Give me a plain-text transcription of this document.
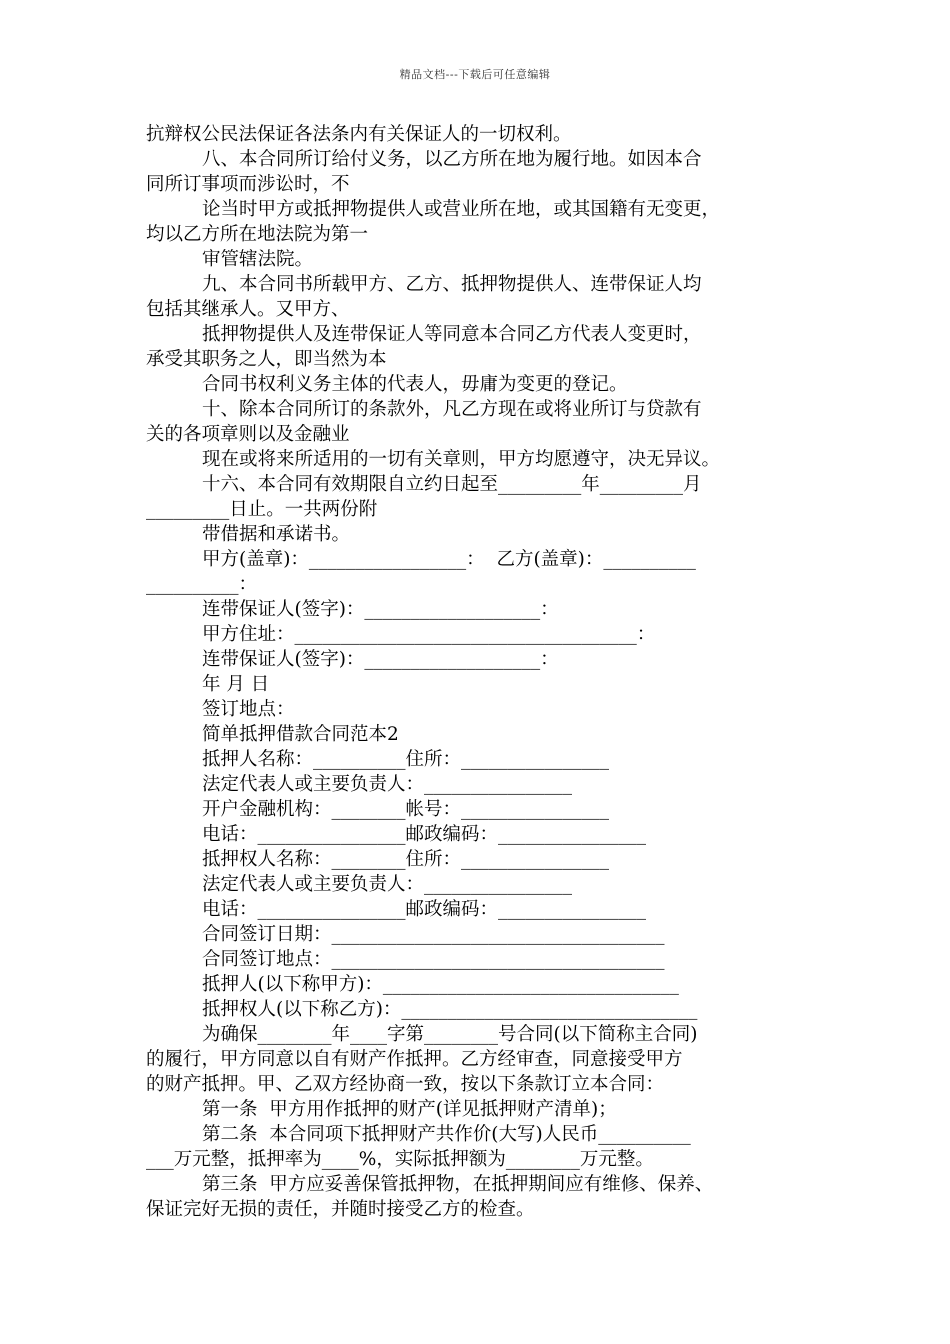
精品文档---下载后可任意编辑
抗辩权公民法保证各法条内有关保证人的一切权利。
八、本合同所订给付义务，以乙方所在地为履行地。如因本合
同所订事项而涉讼时，不
论当时甲方或抵押物提供人或营业所在地，或其国籍有无变更，
均以乙方所在地法院为第一
审管辖法院。
九、本合同书所载甲方、乙方、抵押物提供人、连带保证人均
包括其继承人。又甲方、
抵押物提供人及连带保证人等同意本合同乙方代表人变更时，
承受其职务之人，即当然为本
合同书权利义务主体的代表人，毋庸为变更的登记。
十、除本合同所订的条款外，凡乙方现在或将业所订与贷款有
关的各项章则以及金融业
现在或将来所适用的一切有关章则，甲方均愿遵守，决无异议。
十六、本合同有效期限自立约日起至_________年_________月
_________日止。一共两份附
带借据和承诺书。
甲方(盖章)：_________________：  乙方(盖章)：__________
__________：
连带保证人(签字)：___________________：
甲方住址：_____________________________________：
连带保证人(签字)：___________________：
年 月 日
签订地点：
简单抵押借款合同范本2
抵押人名称：__________住所：________________
法定代表人或主要负责人：________________
开户金融机构：________帐号：________________
电话：________________邮政编码：________________
抵押权人名称：________住所：________________
法定代表人或主要负责人：________________
电话：________________邮政编码：________________
合同签订日期：____________________________________
合同签订地点：____________________________________
抵押人(以下称甲方)：________________________________
抵押权人(以下称乙方)：________________________________
为确保________年____字第________号合同(以下简称主合同)
的履行，甲方同意以自有财产作抵押。乙方经审查，同意接受甲方
的财产抵押。甲、乙双方经协商一致，按以下条款订立本合同：
第一条  甲方用作抵押的财产(详见抵押财产清单)；
第二条  本合同项下抵押财产共作价(大写)人民币__________
___万元整，抵押率为____%，实际抵押额为________万元整。
第三条  甲方应妥善保管抵押物，在抵押期间应有维修、保养、
保证完好无损的责任，并随时接受乙方的检查。
